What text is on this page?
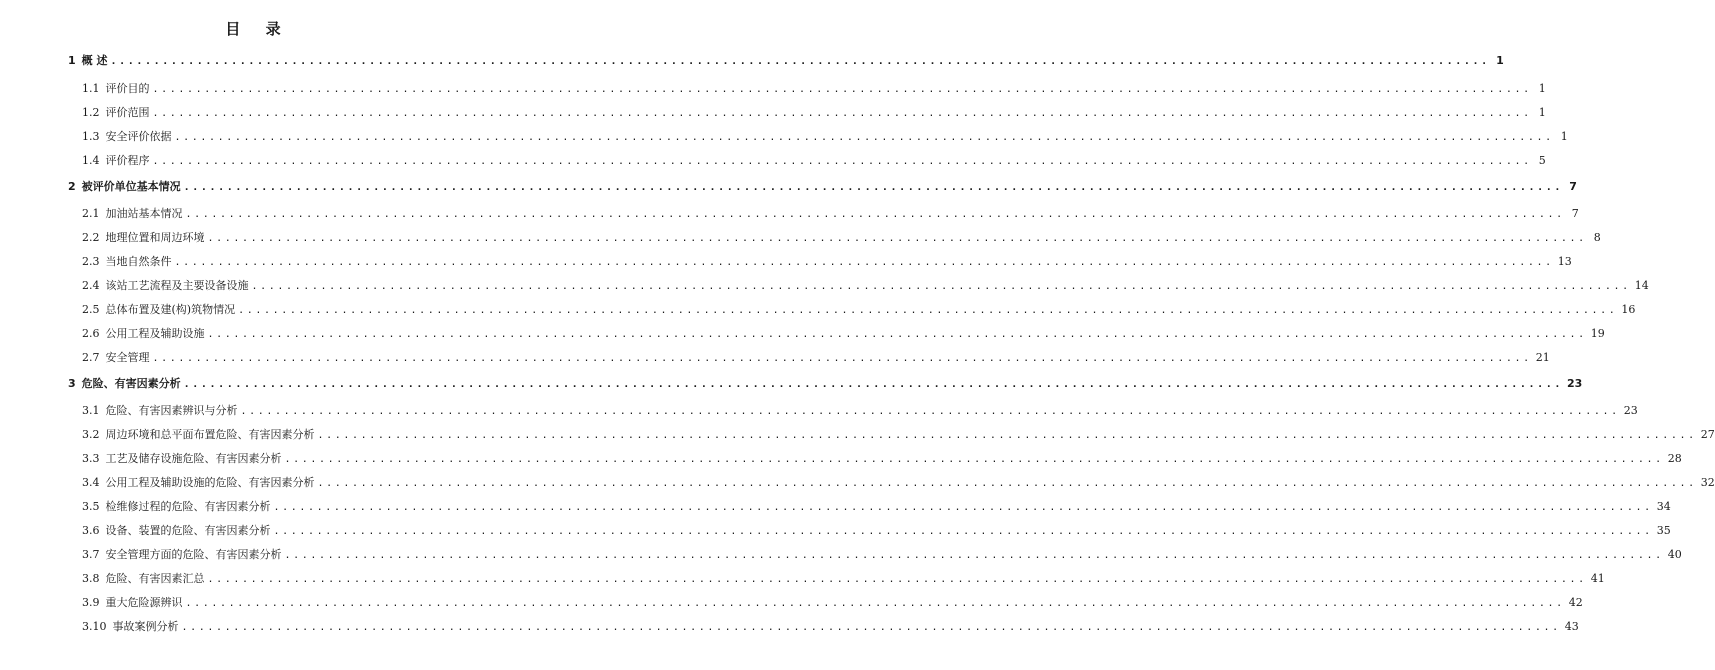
目 录
1 概 述 ................................................................................................................................................................ 1
1.1 评价目的 ................................................................................................................................................................ 1
1.2 评价范围 ................................................................................................................................................................ 1
1.3 安全评价依据 ................................................................................................................................................................ 1
1.4 评价程序 ................................................................................................................................................................ 5
2 被评价单位基本情况 ................................................................................................................................................................ 7
2.1 加油站基本情况 ................................................................................................................................................................ 7
2.2 地理位置和周边环境 ................................................................................................................................................................ 8
2.3 当地自然条件 ................................................................................................................................................................ 13
2.4 该站工艺流程及主要设备设施 ................................................................................................................................................................ 14
2.5 总体布置及建(构)筑物情况 ................................................................................................................................................................ 16
2.6 公用工程及辅助设施 ................................................................................................................................................................ 19
2.7 安全管理 ................................................................................................................................................................ 21
3 危险、有害因素分析 ................................................................................................................................................................ 23
3.1 危险、有害因素辨识与分析 ................................................................................................................................................................ 23
3.2 周边环境和总平面布置危险、有害因素分析 ................................................................................................................................................................ 27
3.3 工艺及储存设施危险、有害因素分析 ................................................................................................................................................................ 28
3.4 公用工程及辅助设施的危险、有害因素分析 ................................................................................................................................................................ 32
3.5 检维修过程的危险、有害因素分析 ................................................................................................................................................................ 34
3.6 设备、装置的危险、有害因素分析 ................................................................................................................................................................ 35
3.7 安全管理方面的危险、有害因素分析 ................................................................................................................................................................ 40
3.8 危险、有害因素汇总 ................................................................................................................................................................ 41
3.9 重大危险源辨识 ................................................................................................................................................................ 42
3.10 事故案例分析 ................................................................................................................................................................ 43
